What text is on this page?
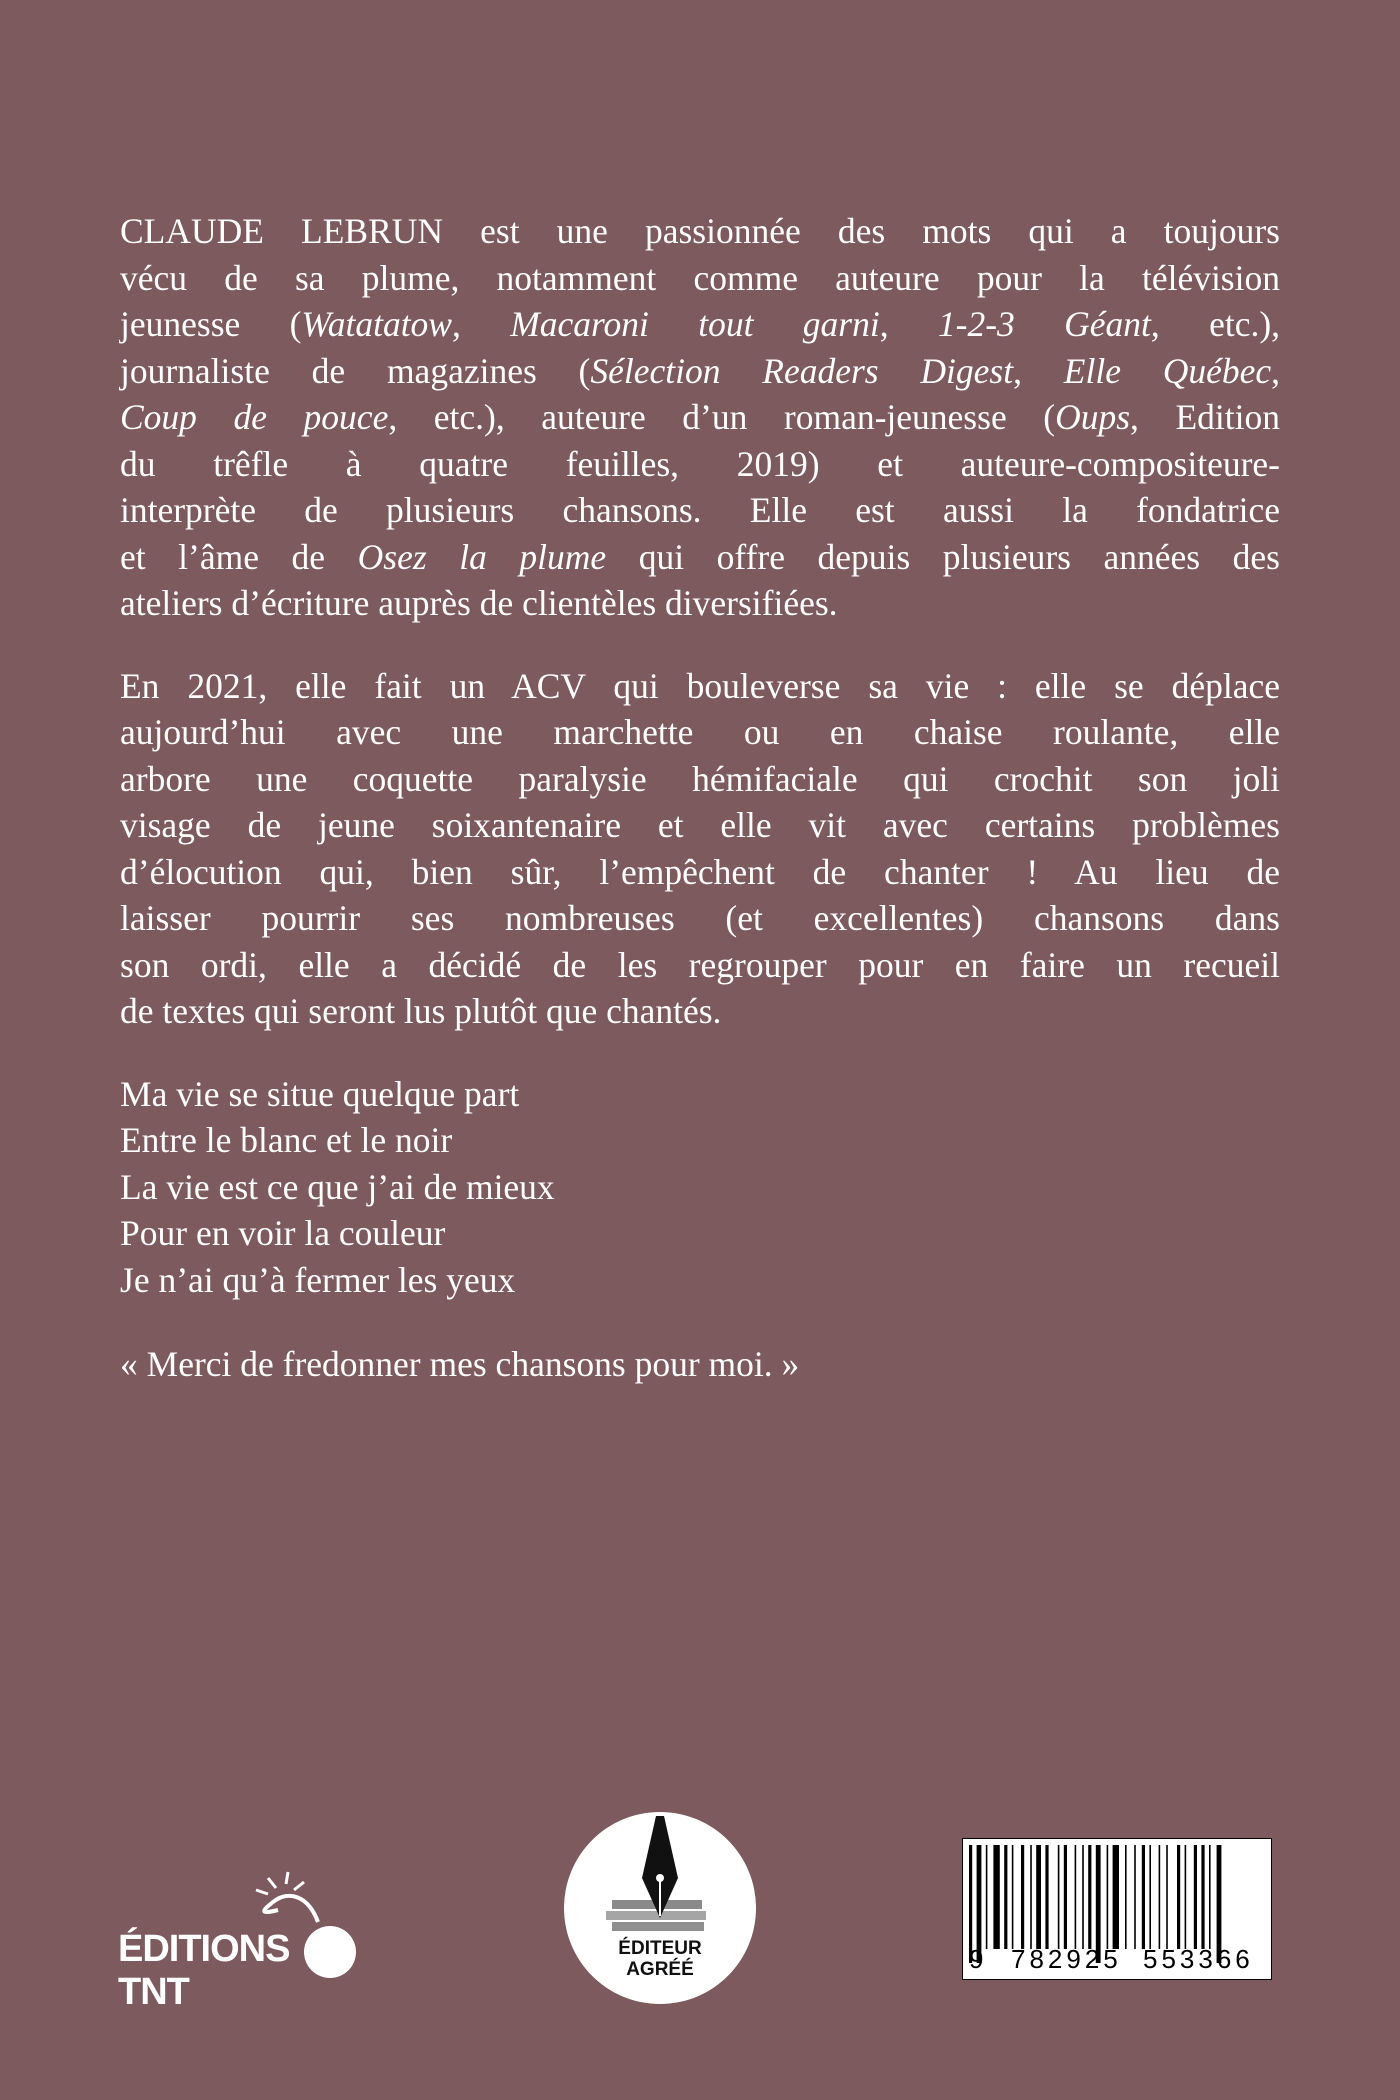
CLAUDE LEBRUN est une passionnée des mots qui a toujours
vécu de sa plume, notamment comme auteure pour la télévision
jeunesse (Watatatow, Macaroni tout garni, 1-2-3 Géant, etc.),
journaliste de magazines (Sélection Readers Digest, Elle Québec,
Coup de pouce, etc.), auteure d’un roman-jeunesse (Oups, Edition
du trêfle à quatre feuilles, 2019) et auteure-compositeure-
interprète de plusieurs chansons. Elle est aussi la fondatrice
et l’âme de Osez la plume qui offre depuis plusieurs années des
ateliers d’écriture auprès de clientèles diversifiées.

En 2021, elle fait un ACV qui bouleverse sa vie : elle se déplace
aujourd’hui avec une marchette ou en chaise roulante, elle
arbore une coquette paralysie hémifaciale qui crochit son joli
visage de jeune soixantenaire et elle vit avec certains problèmes
d’élocution qui, bien sûr, l’empêchent de chanter ! Au lieu de
laisser pourrir ses nombreuses (et excellentes) chansons dans
son ordi, elle a décidé de les regrouper pour en faire un recueil
de textes qui seront lus plutôt que chantés.

Ma vie se situe quelque part
Entre le blanc et le noir
La vie est ce que j’ai de mieux
Pour en voir la couleur
Je n’ai qu’à fermer les yeux

« Merci de fredonner mes chansons pour moi. »

ÉDITIONS TNT
ÉDITEUR
AGRÉÉ	9 782925 553366
